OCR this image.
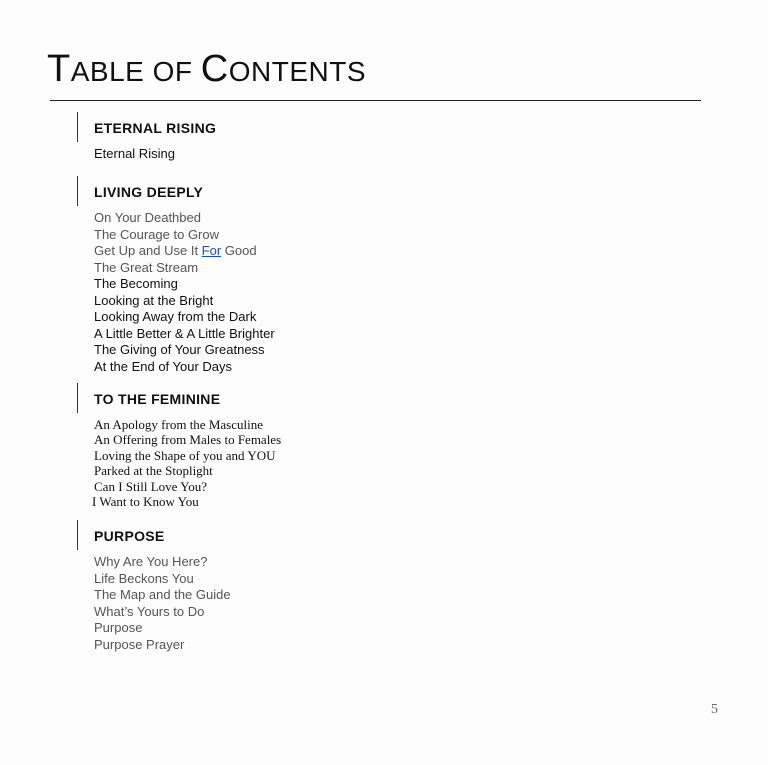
TABLE OF CONTENTS
ETERNAL RISING
Eternal Rising
LIVING DEEPLY
On Your Deathbed
The Courage to Grow
Get Up and Use It For Good
The Great Stream
The Becoming
Looking at the Bright
Looking Away from the Dark
A Little Better & A Little Brighter
The Giving of Your Greatness
At the End of Your Days
TO THE FEMININE
An Apology from the Masculine
An Offering from Males to Females
Loving the Shape of you and YOU
Parked at the Stoplight
Can I Still Love You?
I Want to Know You
PURPOSE
Why Are You Here?
Life Beckons You
The Map and the Guide
What’s Yours to Do
Purpose
Purpose Prayer
5
